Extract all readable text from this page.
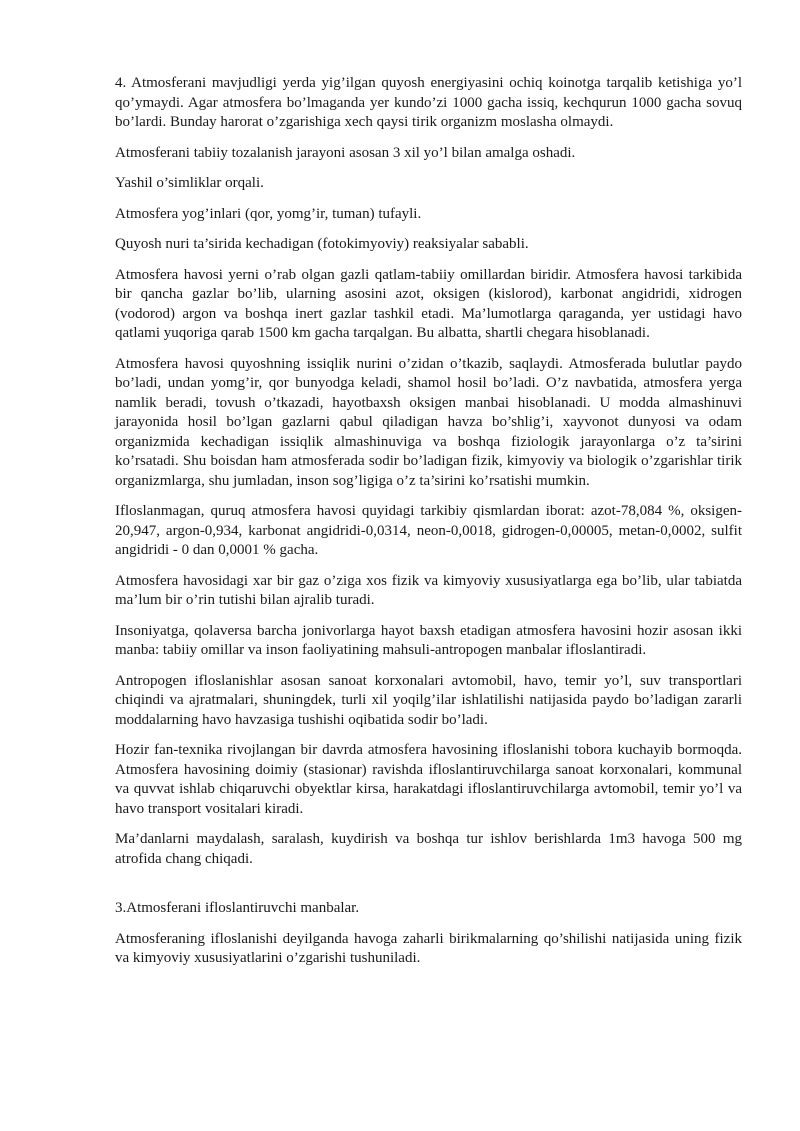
4. Atmosferani mavjudligi yerda yig’ilgan quyosh energiyasini ochiq koinotga tarqalib ketishiga yo’l qo’ymaydi. Agar atmosfera bo’lmaganda yer kundo’zi 1000 gacha issiq, kechqurun 1000 gacha sovuq bo’lardi. Bunday harorat o’zgarishiga xech qaysi tirik organizm moslasha olmaydi.

Atmosferani tabiiy tozalanish jarayoni asosan 3 xil yo’l bilan amalga oshadi.

Yashil o’simliklar orqali.

Atmosfera yog’inlari (qor, yomg’ir, tuman) tufayli.

Quyosh nuri ta’sirida kechadigan (fotokimyoviy) reaksiyalar sababli.

Atmosfera havosi yerni o’rab olgan gazli qatlam-tabiiy omillardan biridir. Atmosfera havosi tarkibida bir qancha gazlar bo’lib, ularning asosini azot, oksigen (kislorod), karbonat angidridi, xidrogen (vodorod) argon va boshqa inert gazlar tashkil etadi. Ma’lumotlarga qaraganda, yer ustidagi havo qatlami yuqoriga qarab 1500 km gacha tarqalgan. Bu albatta, shartli chegara hisoblanadi.

Atmosfera havosi quyoshning issiqlik nurini o’zidan o’tkazib, saqlaydi. Atmosferada bulutlar paydo bo’ladi, undan yomg’ir, qor bunyodga keladi, shamol hosil bo’ladi. O’z navbatida, atmosfera yerga namlik beradi, tovush o’tkazadi, hayotbaxsh oksigen manbai hisoblanadi. U modda almashinuvi jarayonida hosil bo’lgan gazlarni qabul qiladigan havza bo’shlig’i, xayvonot dunyosi va odam organizmida kechadigan issiqlik almashinuviga va boshqa fiziologik jarayonlarga o’z ta’sirini ko’rsatadi. Shu boisdan ham atmosferada sodir bo’ladigan fizik, kimyoviy va biologik o’zgarishlar tirik organizmlarga, shu jumladan, inson sog’ligiga o’z ta’sirini ko’rsatishi mumkin.

Ifloslanmagan, quruq atmosfera havosi quyidagi tarkibiy qismlardan iborat: azot-78,084 %, oksigen-20,947, argon-0,934, karbonat angidridi-0,0314, neon-0,0018, gidrogen-0,00005, metan-0,0002, sulfit angidridi - 0 dan 0,0001 % gacha.

Atmosfera havosidagi xar bir gaz o’ziga xos fizik va kimyoviy xususiyatlarga ega bo’lib, ular tabiatda ma’lum bir o’rin tutishi bilan ajralib turadi.

Insoniyatga, qolaversa barcha jonivorlarga hayot baxsh etadigan atmosfera havosini hozir asosan ikki manba: tabiiy omillar va inson faoliyatining mahsuli-antropogen manbalar ifloslantiradi.

Antropogen ifloslanishlar asosan sanoat korxonalari avtomobil, havo, temir yo’l, suv transportlari chiqindi va ajratmalari, shuningdek, turli xil yoqilg’ilar ishlatilishi natijasida paydo bo’ladigan zararli moddalarning havo havzasiga tushishi oqibatida sodir bo’ladi.

Hozir fan-texnika rivojlangan bir davrda atmosfera havosining ifloslanishi tobora kuchayib bormoqda. Atmosfera havosining doimiy (stasionar) ravishda ifloslantiruvchilarga sanoat korxonalari, kommunal va quvvat ishlab chiqaruvchi obyektlar kirsa, harakatdagi ifloslantiruvchilarga avtomobil, temir yo’l va havo transport vositalari kiradi.

Ma’danlarni maydalash, saralash, kuydirish va boshqa tur ishlov berishlarda 1m3 havoga 500 mg atrofida chang chiqadi.

3.Atmosferani ifloslantiruvchi manbalar.

Atmosferaning ifloslanishi deyilganda havoga zaharli birikmalarning qo’shilishi natijasida uning fizik va kimyoviy xususiyatlarini o’zgarishi tushuniladi.
